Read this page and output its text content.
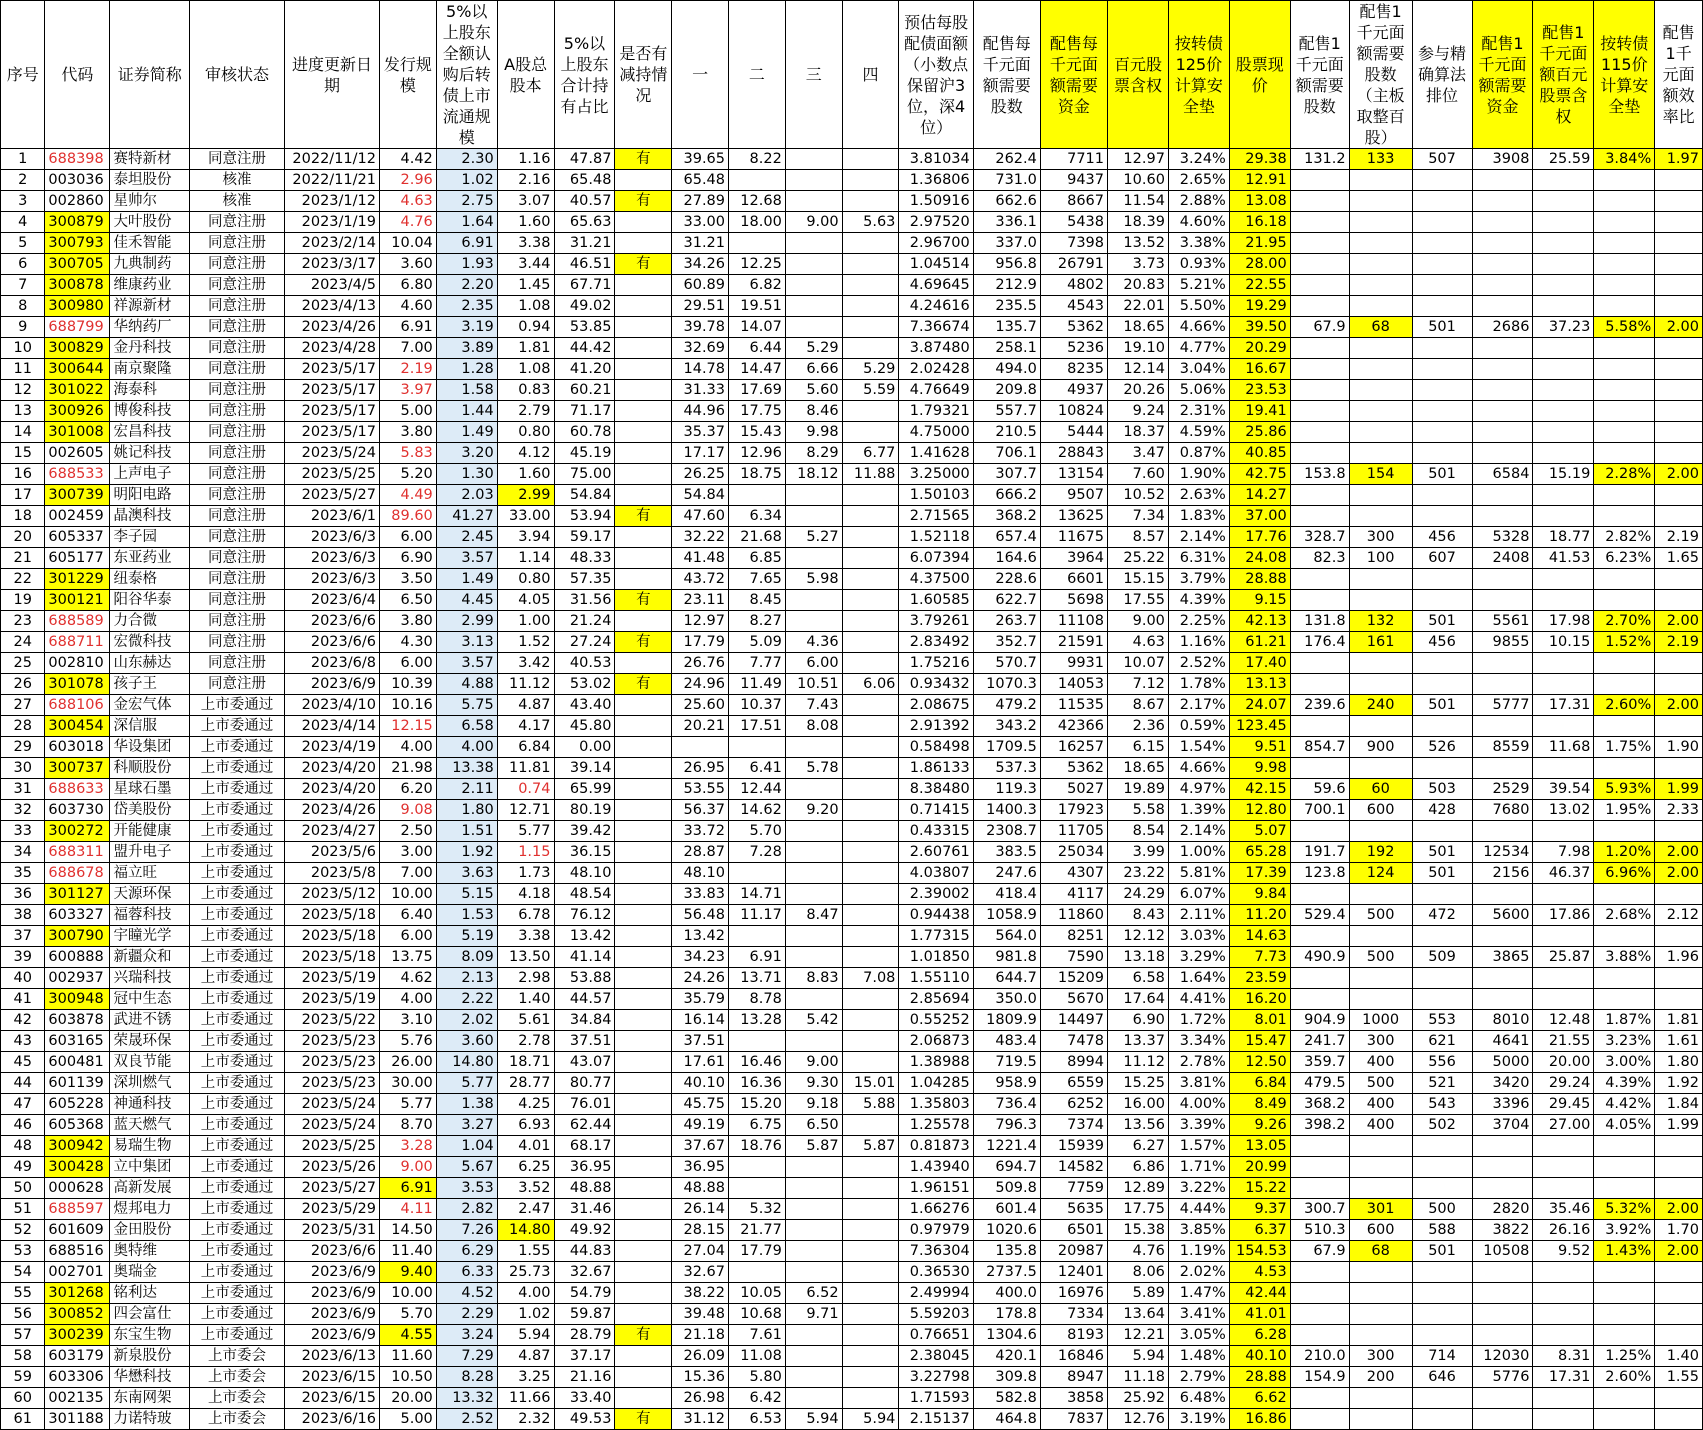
序号	代码	证券简称	审核状态	进度更新日期	发行规模	5%以上股东全额认购后转债上市流通规模	A股总股本	5%以上股东合计持有占比	是否有减持情况	一	二	三	四	预估每股配债面额（小数点保留沪3位，深4位）	配售每千元面额需要股数	配售每千元面额需要资金	百元股票含权	按转债125价计算安全垫	股票现价	配售1千元面额需要股数	配售1千元面额需要股数（主板取整百股）	参与精确算法排位	配售1千元面额需要资金	配售1千元面额百元股票含权	按转债115价计算安全垫	配售1千元面额效率比
1	688398	赛特新材	同意注册	2022/11/12	4.42	2.30	1.16	47.87	有	39.65	8.22			3.81034	262.4	7711	12.97	3.24%	29.38	131.2	133	507	3908	25.59	3.84%	1.97
2	003036	泰坦股份	核准	2022/11/21	2.96	1.02	2.16	65.48		65.48				1.36806	731.0	9437	10.60	2.65%	12.91							
3	002860	星帅尔	核准	2023/1/12	4.63	2.75	3.07	40.57	有	27.89	12.68			1.50916	662.6	8667	11.54	2.88%	13.08							
4	300879	大叶股份	同意注册	2023/1/19	4.76	1.64	1.60	65.63		33.00	18.00	9.00	5.63	2.97520	336.1	5438	18.39	4.60%	16.18							
5	300793	佳禾智能	同意注册	2023/2/14	10.04	6.91	3.38	31.21		31.21				2.96700	337.0	7398	13.52	3.38%	21.95							
6	300705	九典制药	同意注册	2023/3/17	3.60	1.93	3.44	46.51	有	34.26	12.25			1.04514	956.8	26791	3.73	0.93%	28.00							
7	300878	维康药业	同意注册	2023/4/5	6.80	2.20	1.45	67.71		60.89	6.82			4.69645	212.9	4802	20.83	5.21%	22.55							
8	300980	祥源新材	同意注册	2023/4/13	4.60	2.35	1.08	49.02		29.51	19.51			4.24616	235.5	4543	22.01	5.50%	19.29							
9	688799	华纳药厂	同意注册	2023/4/26	6.91	3.19	0.94	53.85		39.78	14.07			7.36674	135.7	5362	18.65	4.66%	39.50	67.9	68	501	2686	37.23	5.58%	2.00
10	300829	金丹科技	同意注册	2023/4/28	7.00	3.89	1.81	44.42		32.69	6.44	5.29		3.87480	258.1	5236	19.10	4.77%	20.29							
11	300644	南京聚隆	同意注册	2023/5/17	2.19	1.28	1.08	41.20		14.78	14.47	6.66	5.29	2.02428	494.0	8235	12.14	3.04%	16.67							
12	301022	海泰科	同意注册	2023/5/17	3.97	1.58	0.83	60.21		31.33	17.69	5.60	5.59	4.76649	209.8	4937	20.26	5.06%	23.53							
13	300926	博俊科技	同意注册	2023/5/17	5.00	1.44	2.79	71.17		44.96	17.75	8.46		1.79321	557.7	10824	9.24	2.31%	19.41							
14	301008	宏昌科技	同意注册	2023/5/17	3.80	1.49	0.80	60.78		35.37	15.43	9.98		4.75000	210.5	5444	18.37	4.59%	25.86							
15	002605	姚记科技	同意注册	2023/5/24	5.83	3.20	4.12	45.19		17.17	12.96	8.29	6.77	1.41628	706.1	28843	3.47	0.87%	40.85							
16	688533	上声电子	同意注册	2023/5/25	5.20	1.30	1.60	75.00		26.25	18.75	18.12	11.88	3.25000	307.7	13154	7.60	1.90%	42.75	153.8	154	501	6584	15.19	2.28%	2.00
17	300739	明阳电路	同意注册	2023/5/27	4.49	2.03	2.99	54.84		54.84				1.50103	666.2	9507	10.52	2.63%	14.27							
18	002459	晶澳科技	同意注册	2023/6/1	89.60	41.27	33.00	53.94	有	47.60	6.34			2.71565	368.2	13625	7.34	1.83%	37.00							
20	605337	李子园	同意注册	2023/6/3	6.00	2.45	3.94	59.17		32.22	21.68	5.27		1.52118	657.4	11675	8.57	2.14%	17.76	328.7	300	456	5328	18.77	2.82%	2.19
21	605177	东亚药业	同意注册	2023/6/3	6.90	3.57	1.14	48.33		41.48	6.85			6.07394	164.6	3964	25.22	6.31%	24.08	82.3	100	607	2408	41.53	6.23%	1.65
22	301229	纽泰格	同意注册	2023/6/3	3.50	1.49	0.80	57.35		43.72	7.65	5.98		4.37500	228.6	6601	15.15	3.79%	28.88							
19	300121	阳谷华泰	同意注册	2023/6/4	6.50	4.45	4.05	31.56	有	23.11	8.45			1.60585	622.7	5698	17.55	4.39%	9.15							
23	688589	力合微	同意注册	2023/6/6	3.80	2.99	1.00	21.24		12.97	8.27			3.79261	263.7	11108	9.00	2.25%	42.13	131.8	132	501	5561	17.98	2.70%	2.00
24	688711	宏微科技	同意注册	2023/6/6	4.30	3.13	1.52	27.24	有	17.79	5.09	4.36		2.83492	352.7	21591	4.63	1.16%	61.21	176.4	161	456	9855	10.15	1.52%	2.19
25	002810	山东赫达	同意注册	2023/6/8	6.00	3.57	3.42	40.53		26.76	7.77	6.00		1.75216	570.7	9931	10.07	2.52%	17.40							
26	301078	孩子王	同意注册	2023/6/9	10.39	4.88	11.12	53.02	有	24.96	11.49	10.51	6.06	0.93432	1070.3	14053	7.12	1.78%	13.13							
27	688106	金宏气体	上市委通过	2023/4/10	10.16	5.75	4.87	43.40		25.60	10.37	7.43		2.08675	479.2	11535	8.67	2.17%	24.07	239.6	240	501	5777	17.31	2.60%	2.00
28	300454	深信服	上市委通过	2023/4/14	12.15	6.58	4.17	45.80		20.21	17.51	8.08		2.91392	343.2	42366	2.36	0.59%	123.45							
29	603018	华设集团	上市委通过	2023/4/19	4.00	4.00	6.84	0.00						0.58498	1709.5	16257	6.15	1.54%	9.51	854.7	900	526	8559	11.68	1.75%	1.90
30	300737	科顺股份	上市委通过	2023/4/20	21.98	13.38	11.81	39.14		26.95	6.41	5.78		1.86133	537.3	5362	18.65	4.66%	9.98							
31	688633	星球石墨	上市委通过	2023/4/20	6.20	2.11	0.74	65.99		53.55	12.44			8.38480	119.3	5027	19.89	4.97%	42.15	59.6	60	503	2529	39.54	5.93%	1.99
32	603730	岱美股份	上市委通过	2023/4/26	9.08	1.80	12.71	80.19		56.37	14.62	9.20		0.71415	1400.3	17923	5.58	1.39%	12.80	700.1	600	428	7680	13.02	1.95%	2.33
33	300272	开能健康	上市委通过	2023/4/27	2.50	1.51	5.77	39.42		33.72	5.70			0.43315	2308.7	11705	8.54	2.14%	5.07							
34	688311	盟升电子	上市委通过	2023/5/6	3.00	1.92	1.15	36.15		28.87	7.28			2.60761	383.5	25034	3.99	1.00%	65.28	191.7	192	501	12534	7.98	1.20%	2.00
35	688678	福立旺	上市委通过	2023/5/8	7.00	3.63	1.73	48.10		48.10				4.03807	247.6	4307	23.22	5.81%	17.39	123.8	124	501	2156	46.37	6.96%	2.00
36	301127	天源环保	上市委通过	2023/5/12	10.00	5.15	4.18	48.54		33.83	14.71			2.39002	418.4	4117	24.29	6.07%	9.84							
38	603327	福蓉科技	上市委通过	2023/5/18	6.40	1.53	6.78	76.12		56.48	11.17	8.47		0.94438	1058.9	11860	8.43	2.11%	11.20	529.4	500	472	5600	17.86	2.68%	2.12
37	300790	宇瞳光学	上市委通过	2023/5/18	6.00	5.19	3.38	13.42		13.42				1.77315	564.0	8251	12.12	3.03%	14.63							
39	600888	新疆众和	上市委通过	2023/5/18	13.75	8.09	13.50	41.14		34.23	6.91			1.01850	981.8	7590	13.18	3.29%	7.73	490.9	500	509	3865	25.87	3.88%	1.96
40	002937	兴瑞科技	上市委通过	2023/5/19	4.62	2.13	2.98	53.88		24.26	13.71	8.83	7.08	1.55110	644.7	15209	6.58	1.64%	23.59							
41	300948	冠中生态	上市委通过	2023/5/19	4.00	2.22	1.40	44.57		35.79	8.78			2.85694	350.0	5670	17.64	4.41%	16.20							
42	603878	武进不锈	上市委通过	2023/5/22	3.10	2.02	5.61	34.84		16.14	13.28	5.42		0.55252	1809.9	14497	6.90	1.72%	8.01	904.9	1000	553	8010	12.48	1.87%	1.81
43	603165	荣晟环保	上市委通过	2023/5/23	5.76	3.60	2.78	37.51		37.51				2.06873	483.4	7478	13.37	3.34%	15.47	241.7	300	621	4641	21.55	3.23%	1.61
45	600481	双良节能	上市委通过	2023/5/23	26.00	14.80	18.71	43.07		17.61	16.46	9.00		1.38988	719.5	8994	11.12	2.78%	12.50	359.7	400	556	5000	20.00	3.00%	1.80
44	601139	深圳燃气	上市委通过	2023/5/23	30.00	5.77	28.77	80.77		40.10	16.36	9.30	15.01	1.04285	958.9	6559	15.25	3.81%	6.84	479.5	500	521	3420	29.24	4.39%	1.92
47	605228	神通科技	上市委通过	2023/5/24	5.77	1.38	4.25	76.01		45.75	15.20	9.18	5.88	1.35803	736.4	6252	16.00	4.00%	8.49	368.2	400	543	3396	29.45	4.42%	1.84
46	605368	蓝天燃气	上市委通过	2023/5/24	8.70	3.27	6.93	62.44		49.19	6.75	6.50		1.25578	796.3	7374	13.56	3.39%	9.26	398.2	400	502	3704	27.00	4.05%	1.99
48	300942	易瑞生物	上市委通过	2023/5/25	3.28	1.04	4.01	68.17		37.67	18.76	5.87	5.87	0.81873	1221.4	15939	6.27	1.57%	13.05							
49	300428	立中集团	上市委通过	2023/5/26	9.00	5.67	6.25	36.95		36.95				1.43940	694.7	14582	6.86	1.71%	20.99							
50	000628	高新发展	上市委通过	2023/5/27	6.91	3.53	3.52	48.88		48.88				1.96151	509.8	7759	12.89	3.22%	15.22							
51	688597	煜邦电力	上市委通过	2023/5/29	4.11	2.82	2.47	31.46		26.14	5.32			1.66276	601.4	5635	17.75	4.44%	9.37	300.7	301	500	2820	35.46	5.32%	2.00
52	601609	金田股份	上市委通过	2023/5/31	14.50	7.26	14.80	49.92		28.15	21.77			0.97979	1020.6	6501	15.38	3.85%	6.37	510.3	600	588	3822	26.16	3.92%	1.70
53	688516	奥特维	上市委通过	2023/6/6	11.40	6.29	1.55	44.83		27.04	17.79			7.36304	135.8	20987	4.76	1.19%	154.53	67.9	68	501	10508	9.52	1.43%	2.00
54	002701	奥瑞金	上市委通过	2023/6/9	9.40	6.33	25.73	32.67		32.67				0.36530	2737.5	12401	8.06	2.02%	4.53							
55	301268	铭利达	上市委通过	2023/6/9	10.00	4.52	4.00	54.79		38.22	10.05	6.52		2.49994	400.0	16976	5.89	1.47%	42.44							
56	300852	四会富仕	上市委通过	2023/6/9	5.70	2.29	1.02	59.87		39.48	10.68	9.71		5.59203	178.8	7334	13.64	3.41%	41.01							
57	300239	东宝生物	上市委通过	2023/6/9	4.55	3.24	5.94	28.79	有	21.18	7.61			0.76651	1304.6	8193	12.21	3.05%	6.28							
58	603179	新泉股份	上市委会	2023/6/13	11.60	7.29	4.87	37.17		26.09	11.08			2.38045	420.1	16846	5.94	1.48%	40.10	210.0	300	714	12030	8.31	1.25%	1.40
59	603306	华懋科技	上市委会	2023/6/15	10.50	8.28	3.25	21.16		15.36	5.80			3.22798	309.8	8947	11.18	2.79%	28.88	154.9	200	646	5776	17.31	2.60%	1.55
60	002135	东南网架	上市委会	2023/6/15	20.00	13.32	11.66	33.40		26.98	6.42			1.71593	582.8	3858	25.92	6.48%	6.62							
61	301188	力诺特玻	上市委会	2023/6/16	5.00	2.52	2.32	49.53	有	31.12	6.53	5.94	5.94	2.15137	464.8	7837	12.76	3.19%	16.86							
